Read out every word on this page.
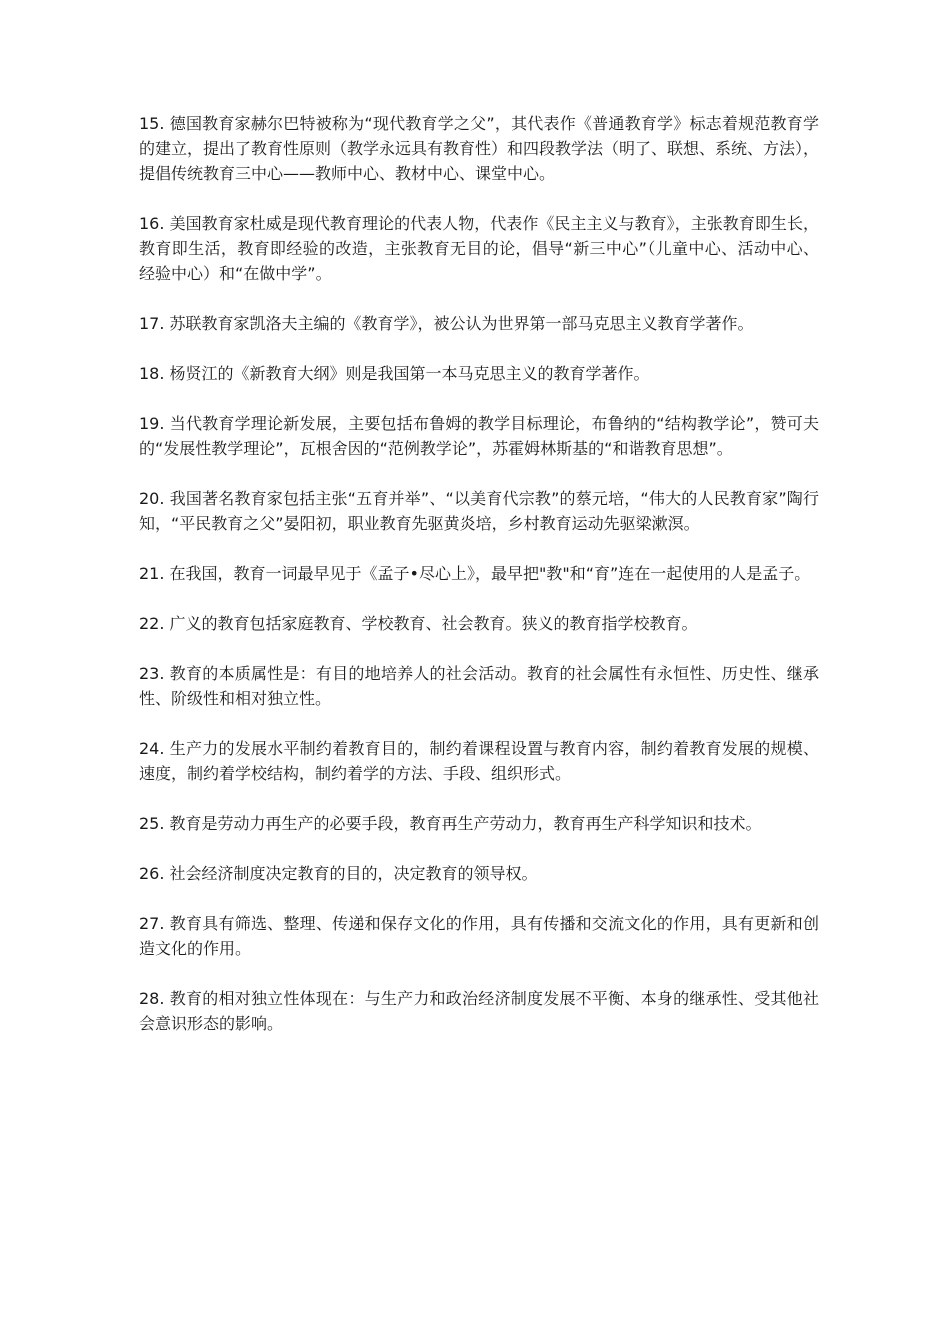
15. 德国教育家赫尔巴特被称为“现代教育学之父”，其代表作《普通教育学》标志着规范教育学的建立，提出了教育性原则（教学永远具有教育性）和四段教学法（明了、联想、系统、方法），提倡传统教育三中心——教师中心、教材中心、课堂中心。

16. 美国教育家杜威是现代教育理论的代表人物，代表作《民主主义与教育》，主张教育即生长，教育即生活，教育即经验的改造，主张教育无目的论，倡导“新三中心”（儿童中心、活动中心、经验中心）和“在做中学”。

17. 苏联教育家凯洛夫主编的《教育学》，被公认为世界第一部马克思主义教育学著作。

18. 杨贤江的《新教育大纲》则是我国第一本马克思主义的教育学著作。

19. 当代教育学理论新发展，主要包括布鲁姆的教学目标理论，布鲁纳的“结构教学论”，赞可夫的“发展性教学理论”，瓦根舍因的“范例教学论”，苏霍姆林斯基的“和谐教育思想”。

20. 我国著名教育家包括主张“五育并举”、“以美育代宗教”的蔡元培，“伟大的人民教育家”陶行知，“平民教育之父”晏阳初，职业教育先驱黄炎培，乡村教育运动先驱梁漱溟。

21. 在我国，教育一词最早见于《孟子•尽心上》，最早把"教"和“育”连在一起使用的人是孟子。

22. 广义的教育包括家庭教育、学校教育、社会教育。狭义的教育指学校教育。

23. 教育的本质属性是：有目的地培养人的社会活动。教育的社会属性有永恒性、历史性、继承性、阶级性和相对独立性。

24. 生产力的发展水平制约着教育目的，制约着课程设置与教育内容，制约着教育发展的规模、速度，制约着学校结构，制约着学的方法、手段、组织形式。

25. 教育是劳动力再生产的必要手段，教育再生产劳动力，教育再生产科学知识和技术。

26. 社会经济制度决定教育的目的，决定教育的领导权。

27. 教育具有筛选、整理、传递和保存文化的作用，具有传播和交流文化的作用，具有更新和创造文化的作用。

28. 教育的相对独立性体现在：与生产力和政治经济制度发展不平衡、本身的继承性、受其他社会意识形态的影响。
